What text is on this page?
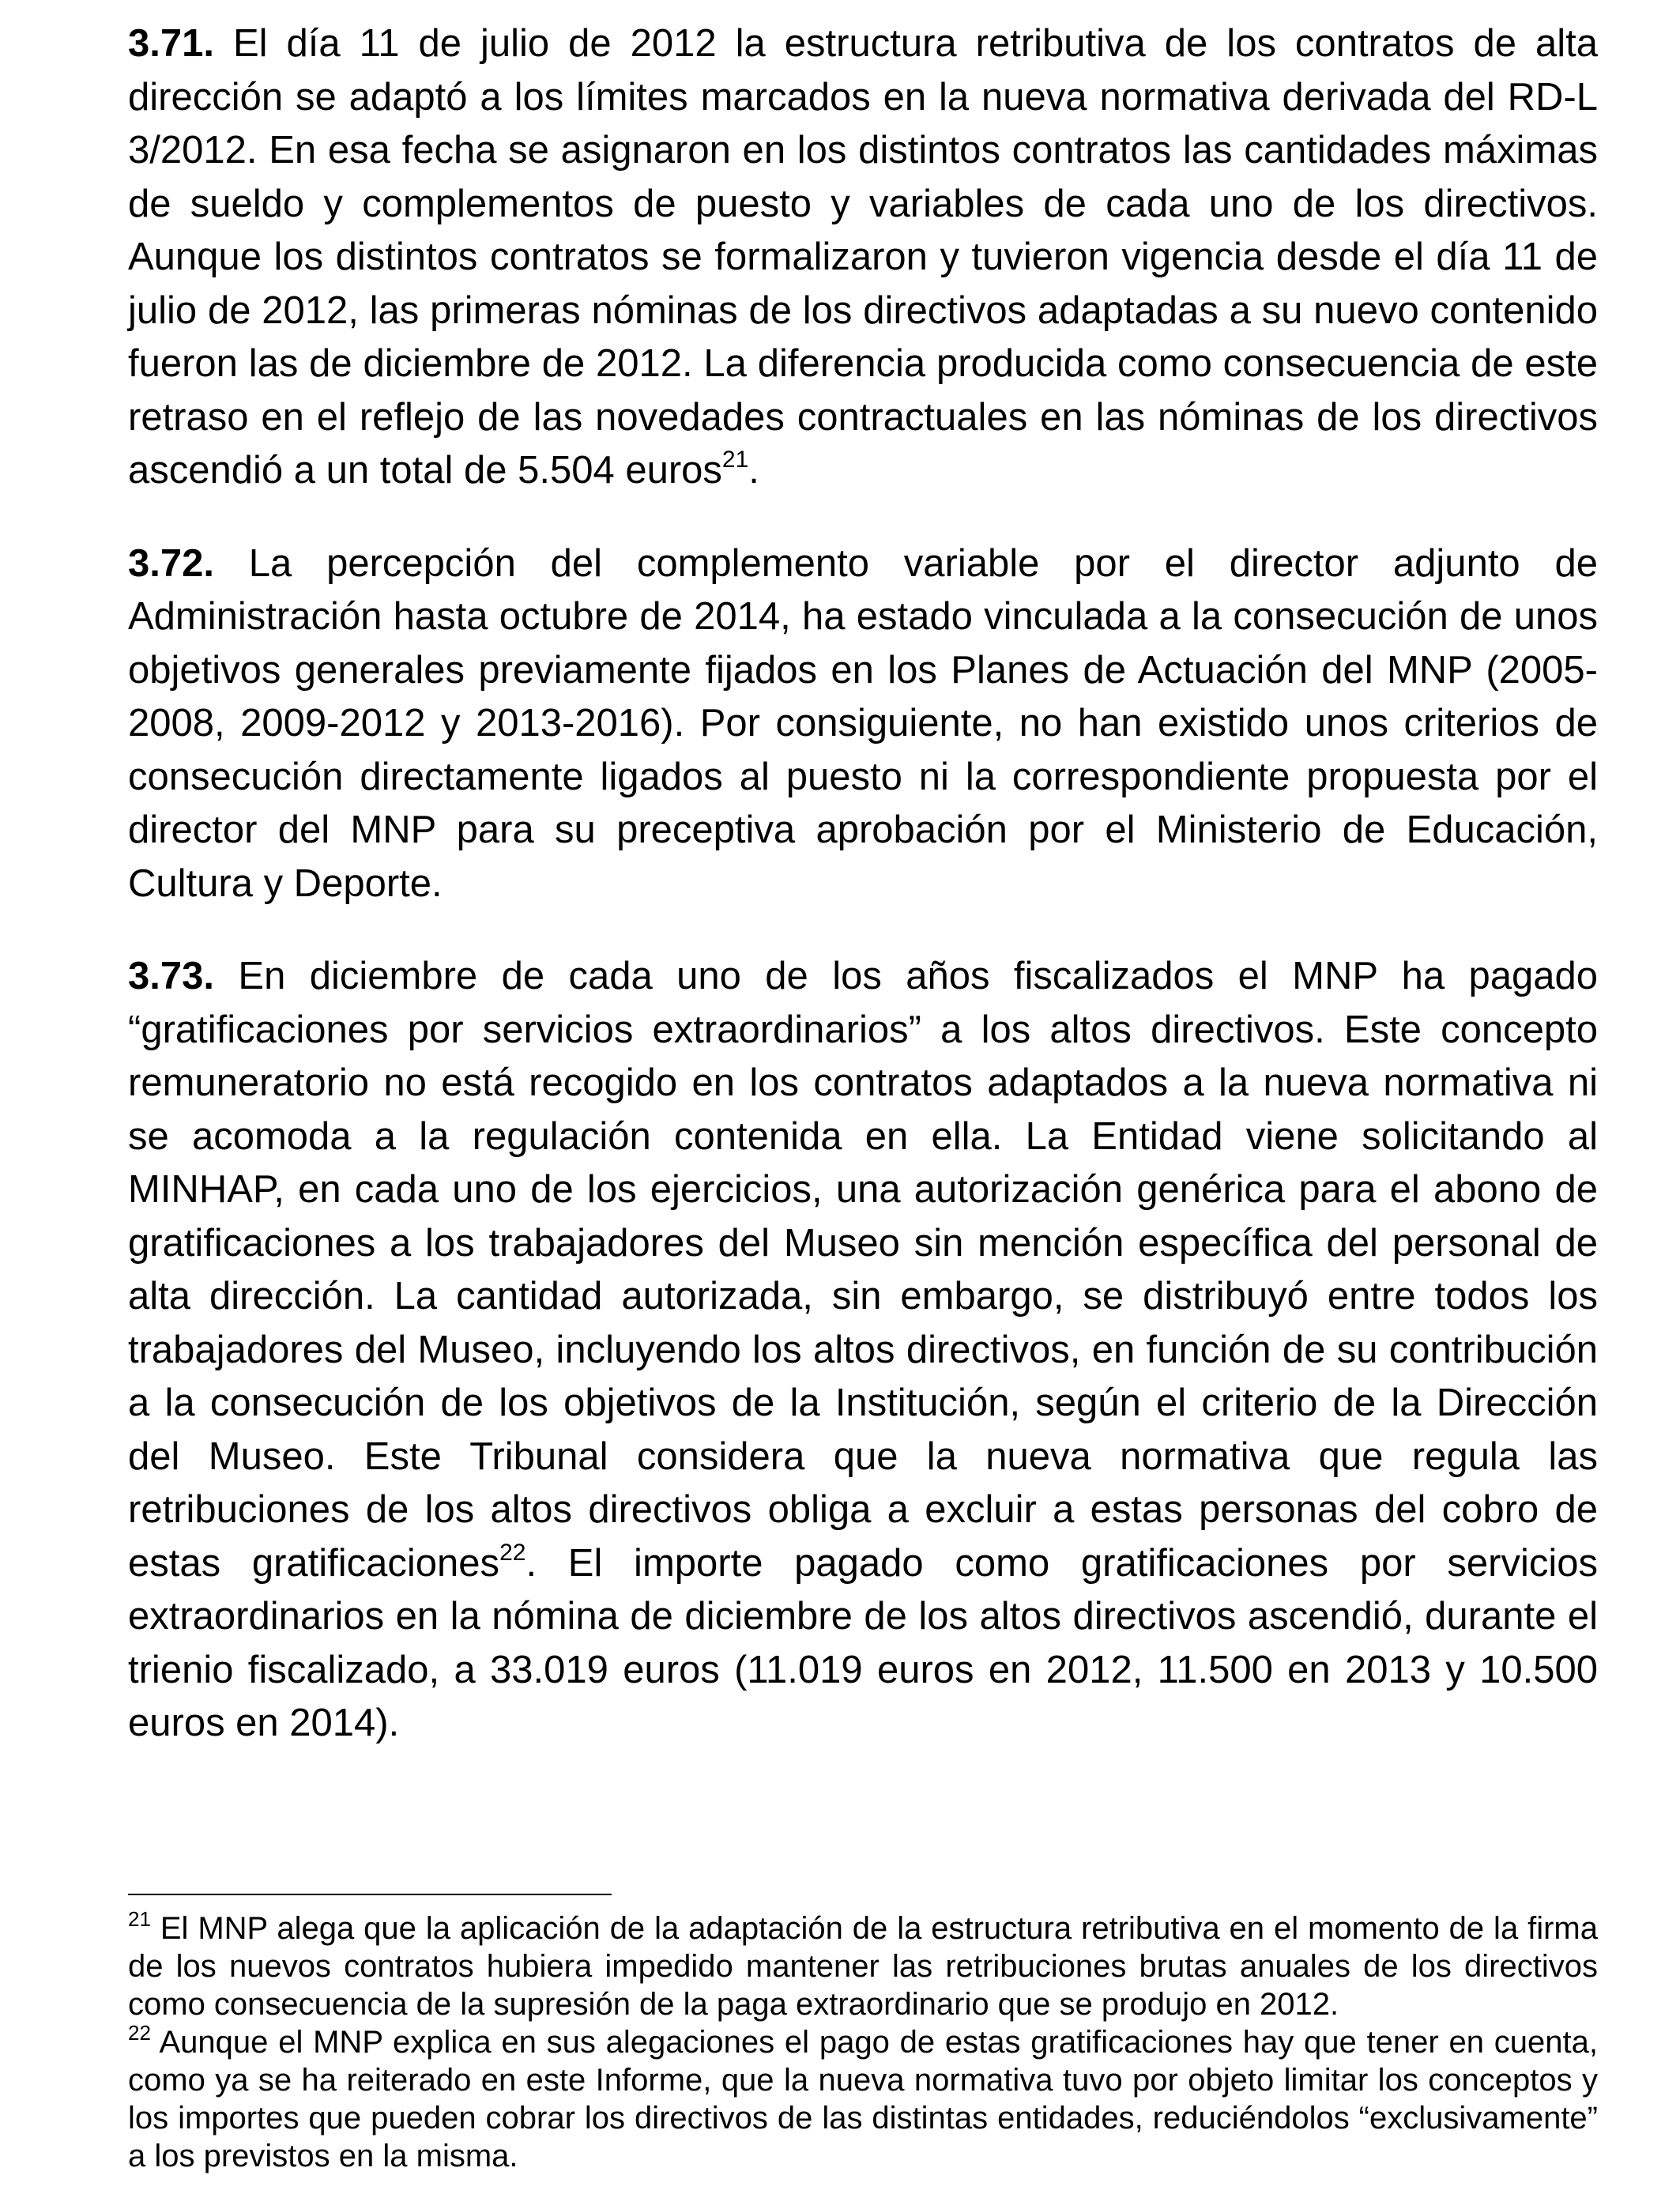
3.71. El día 11 de julio de 2012 la estructura retributiva de los contratos de alta dirección se adaptó a los límites marcados en la nueva normativa derivada del RD-L 3/2012. En esa fecha se asignaron en los distintos contratos las cantidades máximas de sueldo y complementos de puesto y variables de cada uno de los directivos. Aunque los distintos contratos se formalizaron y tuvieron vigencia desde el día 11 de julio de 2012, las primeras nóminas de los directivos adaptadas a su nuevo contenido fueron las de diciembre de 2012. La diferencia producida como consecuencia de este retraso en el reflejo de las novedades contractuales en las nóminas de los directivos ascendió a un total de 5.504 euros$^{21}$.

3.72. La percepción del complemento variable por el director adjunto de Administración hasta octubre de 2014, ha estado vinculada a la consecución de unos objetivos generales previamente fijados en los Planes de Actuación del MNP (2005-2008, 2009-2012 y 2013-2016). Por consiguiente, no han existido unos criterios de consecución directamente ligados al puesto ni la correspondiente propuesta por el director del MNP para su preceptiva aprobación por el Ministerio de Educación, Cultura y Deporte.

3.73. En diciembre de cada uno de los años fiscalizados el MNP ha pagado “gratificaciones por servicios extraordinarios” a los altos directivos. Este concepto remuneratorio no está recogido en los contratos adaptados a la nueva normativa ni se acomoda a la regulación contenida en ella. La Entidad viene solicitando al MINHAP, en cada uno de los ejercicios, una autorización genérica para el abono de gratificaciones a los trabajadores del Museo sin mención específica del personal de alta dirección. La cantidad autorizada, sin embargo, se distribuyó entre todos los trabajadores del Museo, incluyendo los altos directivos, en función de su contribución a la consecución de los objetivos de la Institución, según el criterio de la Dirección del Museo. Este Tribunal considera que la nueva normativa que regula las retribuciones de los altos directivos obliga a excluir a estas personas del cobro de estas gratificaciones$^{22}$. El importe pagado como gratificaciones por servicios extraordinarios en la nómina de diciembre de los altos directivos ascendió, durante el trienio fiscalizado, a 33.019 euros (11.019 euros en 2012, 11.500 en 2013 y 10.500 euros en 2014).

$^{21}$ El MNP alega que la aplicación de la adaptación de la estructura retributiva en el momento de la firma de los nuevos contratos hubiera impedido mantener las retribuciones brutas anuales de los directivos como consecuencia de la supresión de la paga extraordinario que se produjo en 2012.

$^{22}$ Aunque el MNP explica en sus alegaciones el pago de estas gratificaciones hay que tener en cuenta, como ya se ha reiterado en este Informe, que la nueva normativa tuvo por objeto limitar los conceptos y los importes que pueden cobrar los directivos de las distintas entidades, reduciéndolos “exclusivamente” a los previstos en la misma.
